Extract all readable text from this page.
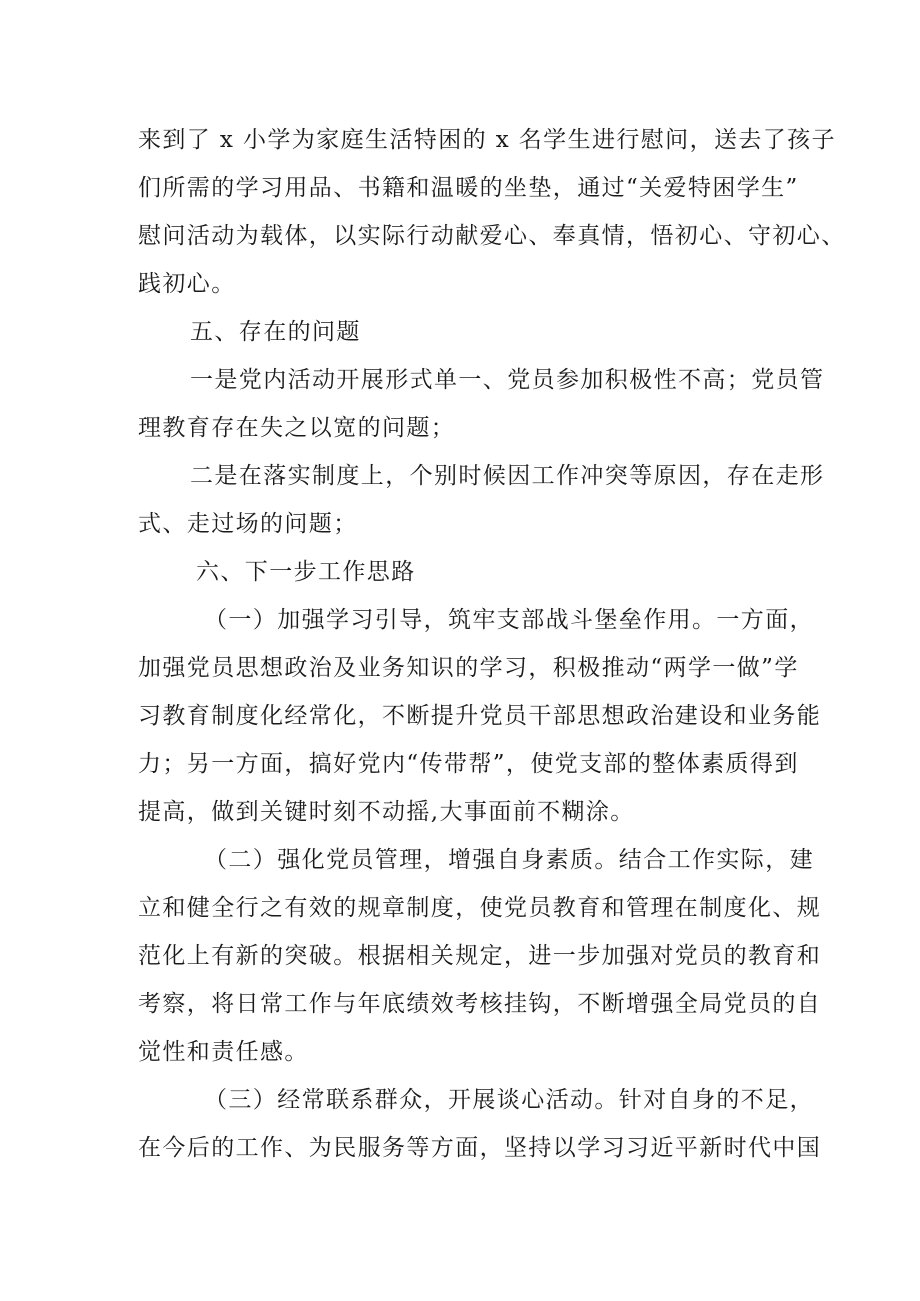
来到了 x 小学为家庭生活特困的 x 名学生进行慰问，送去了孩子
们所需的学习用品、书籍和温暖的坐垫，通过“关爱特困学生”
慰问活动为载体，以实际行动献爱心、奉真情，悟初心、守初心、
践初心。
五、存在的问题
一是党内活动开展形式单一、党员参加积极性不高；党员管
理教育存在失之以宽的问题；
二是在落实制度上，个别时候因工作冲突等原因，存在走形
式、走过场的问题；
六、下一步工作思路
（一）加强学习引导，筑牢支部战斗堡垒作用。一方面，
加强党员思想政治及业务知识的学习，积极推动“两学一做”学
习教育制度化经常化，不断提升党员干部思想政治建设和业务能
力；另一方面，搞好党内“传带帮”，使党支部的整体素质得到
提高，做到关键时刻不动摇,大事面前不糊涂。
（二）强化党员管理，增强自身素质。结合工作实际，建
立和健全行之有效的规章制度，使党员教育和管理在制度化、规
范化上有新的突破。根据相关规定，进一步加强对党员的教育和
考察，将日常工作与年底绩效考核挂钩，不断增强全局党员的自
觉性和责任感。
（三）经常联系群众，开展谈心活动。针对自身的不足，
在今后的工作、为民服务等方面，坚持以学习习近平新时代中国
